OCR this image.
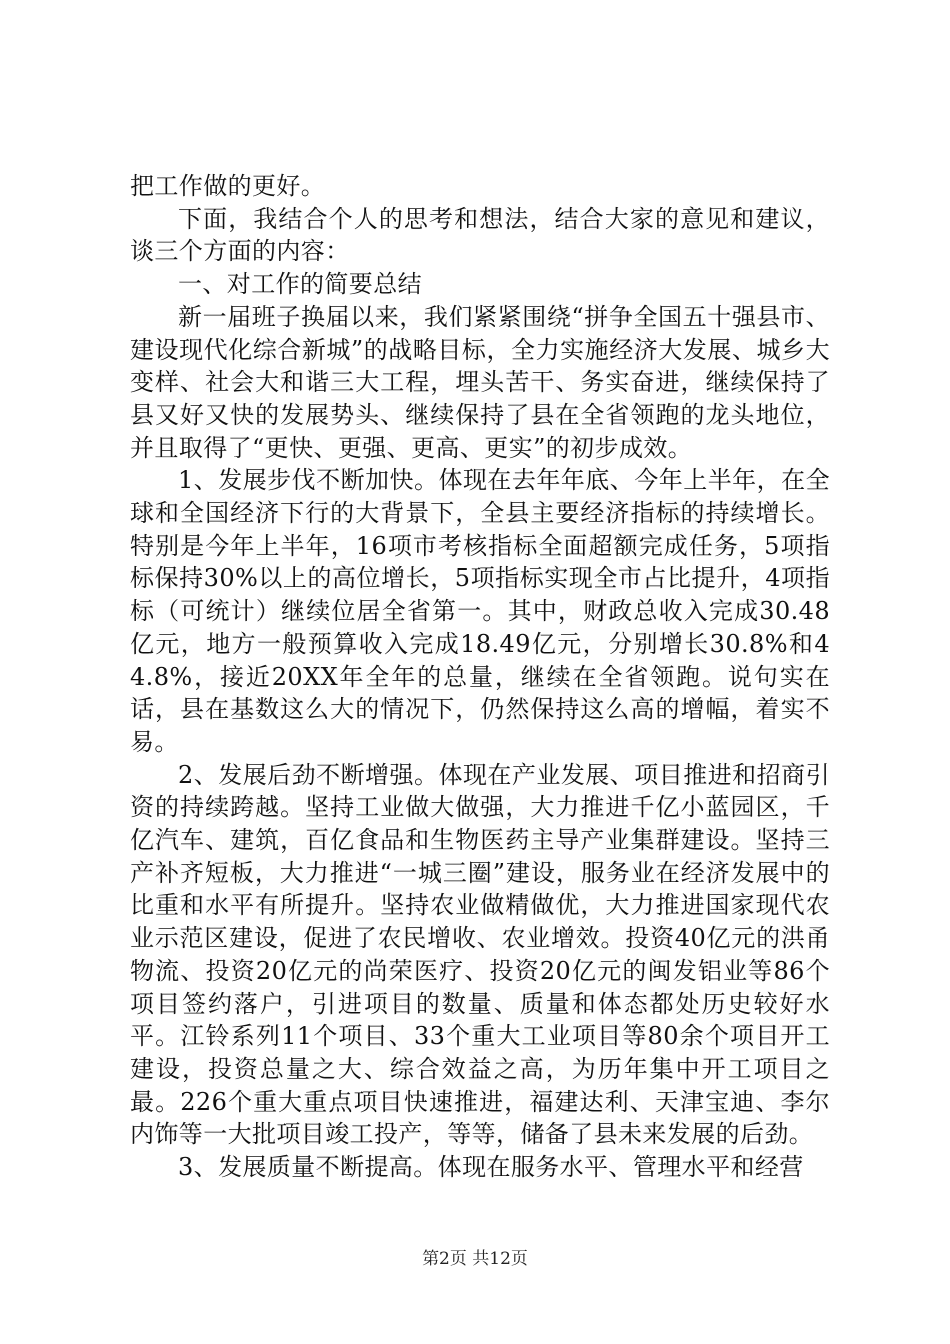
把工作做的更好。

下面，我结合个人的思考和想法，结合大家的意见和建议，谈三个方面的内容：

一、对工作的简要总结

新一届班子换届以来，我们紧紧围绕“拼争全国五十强县市、建设现代化综合新城”的战略目标，全力实施经济大发展、城乡大变样、社会大和谐三大工程，埋头苦干、务实奋进，继续保持了县又好又快的发展势头、继续保持了县在全省领跑的龙头地位，并且取得了“更快、更强、更高、更实”的初步成效。

1、发展步伐不断加快。体现在去年年底、今年上半年，在全球和全国经济下行的大背景下，全县主要经济指标的持续增长。特别是今年上半年，16项市考核指标全面超额完成任务，5项指标保持30%以上的高位增长，5项指标实现全市占比提升，4项指标（可统计）继续位居全省第一。其中，财政总收入完成30.48亿元，地方一般预算收入完成18.49亿元，分别增长30.8%和44.8%，接近20XX年全年的总量，继续在全省领跑。说句实在话，县在基数这么大的情况下，仍然保持这么高的增幅，着实不易。

2、发展后劲不断增强。体现在产业发展、项目推进和招商引资的持续跨越。坚持工业做大做强，大力推进千亿小蓝园区，千亿汽车、建筑，百亿食品和生物医药主导产业集群建设。坚持三产补齐短板，大力推进“一城三圈”建设，服务业在经济发展中的比重和水平有所提升。坚持农业做精做优，大力推进国家现代农业示范区建设，促进了农民增收、农业增效。投资40亿元的洪甬物流、投资20亿元的尚荣医疗、投资20亿元的闽发铝业等86个项目签约落户，引进项目的数量、质量和体态都处历史较好水平。江铃系列11个项目、33个重大工业项目等80余个项目开工建设，投资总量之大、综合效益之高，为历年集中开工项目之最。226个重大重点项目快速推进，福建达利、天津宝迪、李尔内饰等一大批项目竣工投产，等等，储备了县未来发展的后劲。

3、发展质量不断提高。体现在服务水平、管理水平和经营

第2页 共12页
